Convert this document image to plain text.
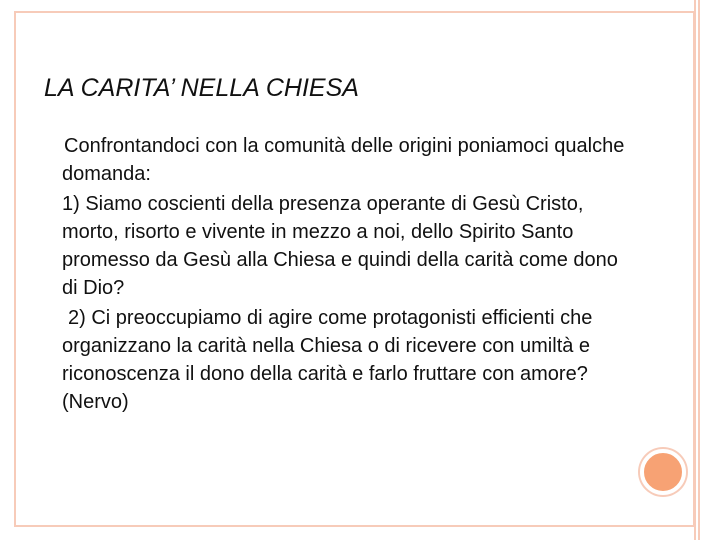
LA CARITA’ NELLA CHIESA

Confrontandoci con la comunità delle origini poniamoci qualche domanda:

1) Siamo coscienti della presenza operante di Gesù Cristo, morto, risorto e vivente in mezzo a noi, dello Spirito Santo promesso da Gesù alla Chiesa e quindi della carità come dono di Dio?

2) Ci preoccupiamo di agire come protagonisti efficienti che organizzano la carità nella Chiesa o di ricevere con umiltà e riconoscenza il dono della carità e farlo fruttare con amore? (Nervo)
